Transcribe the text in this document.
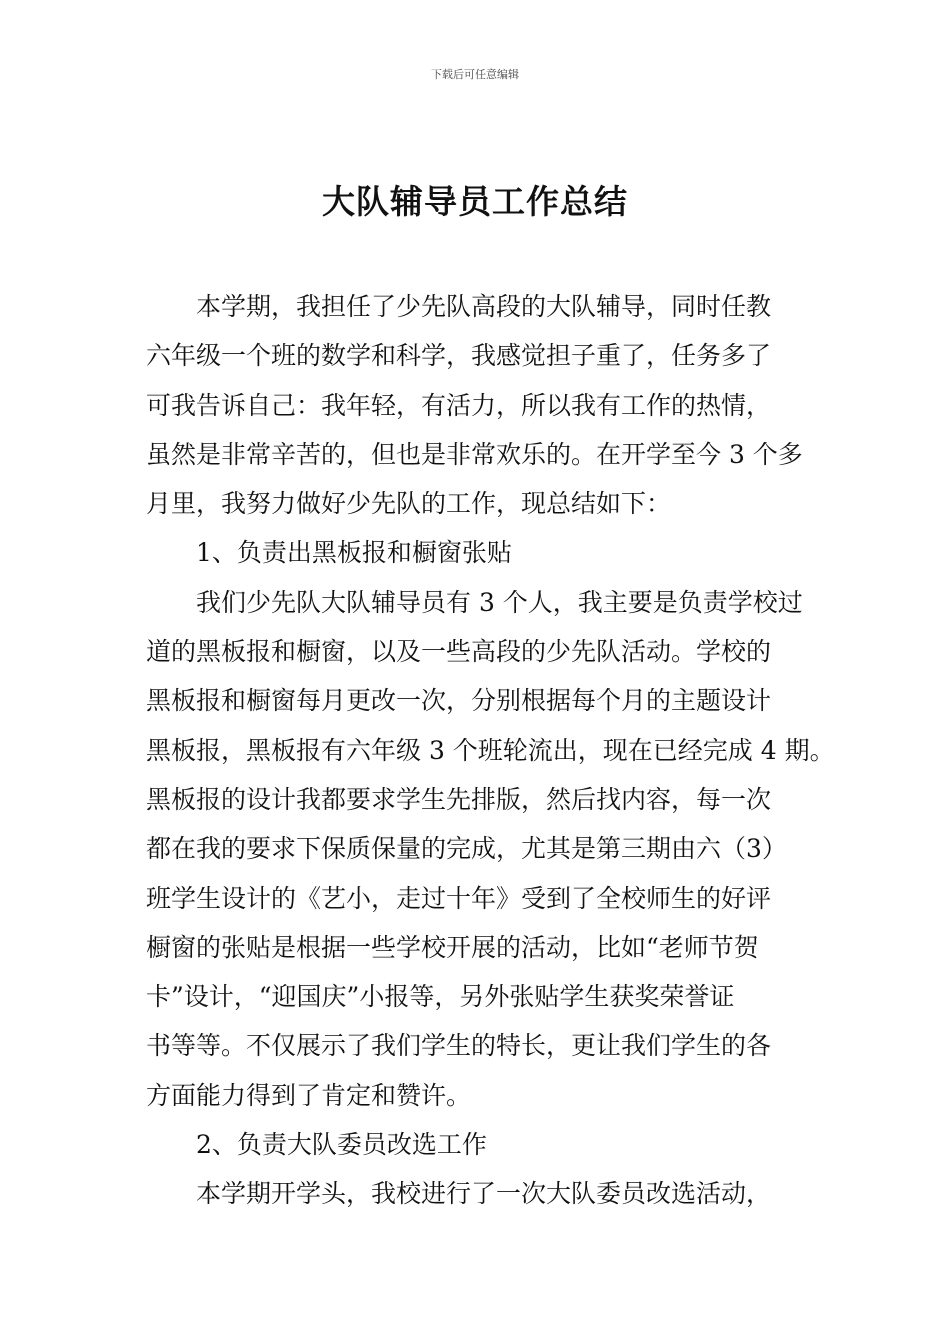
下载后可任意编辑
大队辅导员工作总结
本学期，我担任了少先队高段的大队辅导，同时任教
六年级一个班的数学和科学，我感觉担子重了，任务多了
可我告诉自己：我年轻，有活力，所以我有工作的热情，
虽然是非常辛苦的，但也是非常欢乐的。在开学至今 3 个多
月里，我努力做好少先队的工作，现总结如下：
1、负责出黑板报和橱窗张贴
我们少先队大队辅导员有 3 个人，我主要是负责学校过
道的黑板报和橱窗，以及一些高段的少先队活动。学校的
黑板报和橱窗每月更改一次，分别根据每个月的主题设计
黑板报，黑板报有六年级 3 个班轮流出，现在已经完成 4 期。
黑板报的设计我都要求学生先排版，然后找内容，每一次
都在我的要求下保质保量的完成，尤其是第三期由六（3）
班学生设计的《艺小，走过十年》受到了全校师生的好评
橱窗的张贴是根据一些学校开展的活动，比如“老师节贺
卡”设计，“迎国庆”小报等，另外张贴学生获奖荣誉证
书等等。不仅展示了我们学生的特长，更让我们学生的各
方面能力得到了肯定和赞许。
2、负责大队委员改选工作
本学期开学头，我校进行了一次大队委员改选活动，
